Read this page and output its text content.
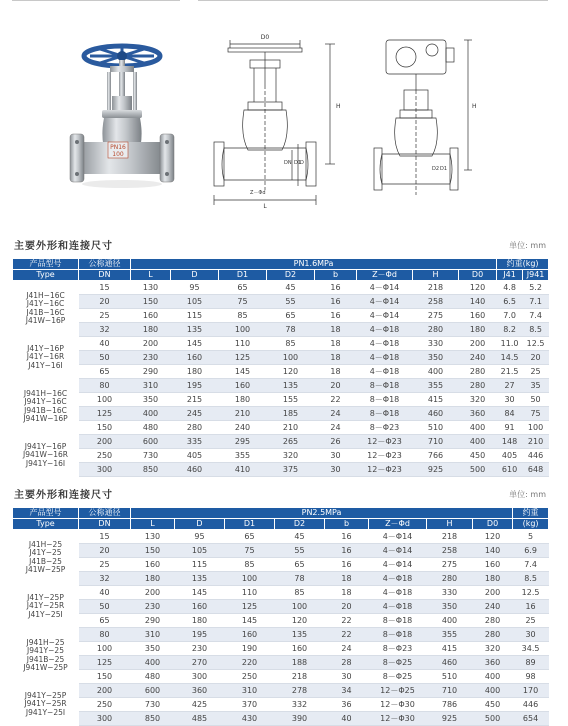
PN16
100
D0
H
L
Z－Φd
DN D1
D
H
D2 D1
主要外形和连接尺寸	单位: mm
产品型号	公称通径	PN1.6MPa								约重(kg)	
Type	DN	L	D	D1	D2	b	Z－Φd	H	D0	J41	J941

J41H−16C
J41Y−16C
J41B−16C
J41W−16P	15	130	95	65	45	16	4－Φ14	218	120	4.8	5.2
	20	150	105	75	55	16	4－Φ14	258	140	6.5	7.1
	25	160	115	85	65	16	4－Φ14	275	160	7.0	7.4
	32	180	135	100	78	18	4－Φ18	280	180	8.2	8.5

J41Y−16P
J41Y−16R
J41Y−16I	40	200	145	110	85	18	4－Φ18	330	200	11.0	12.5
	50	230	160	125	100	18	4－Φ18	350	240	14.5	20
	65	290	180	145	120	18	4－Φ18	400	280	21.5	25

J941H−16C
J941Y−16C
J941B−16C
J941W−16P	80	310	195	160	135	20	8－Φ18	355	280	27	35
	100	350	215	180	155	22	8－Φ18	415	320	30	50
	125	400	245	210	185	24	8－Φ18	460	360	84	75
	150	480	280	240	210	24	8－Φ23	510	400	91	100

J941Y−16P
J941W−16R
J941Y−16I	200	600	335	295	265	26	12－Φ23	710	400	148	210
	250	730	405	355	320	30	12－Φ23	766	450	405	446
	300	850	460	410	375	30	12－Φ23	925	500	610	648
主要外形和连接尺寸	单位: mm
产品型号	公称通径	PN2.5MPa								约重
Type	DN	L	D	D1	D2	b	Z－Φd	H	D0	(kg)

J41H−25
J41Y−25
J41B−25
J41W−25P	15	130	95	65	45	16	4－Φ14	218	120	5
	20	150	105	75	55	16	4－Φ14	258	140	6.9
	25	160	115	85	65	16	4－Φ14	275	160	7.4
	32	180	135	100	78	18	4－Φ18	280	180	8.5

J41Y−25P
J41Y−25R
J41Y−25I	40	200	145	110	85	18	4－Φ18	330	200	12.5
	50	230	160	125	100	20	4－Φ18	350	240	16
	65	290	180	145	120	22	8－Φ18	400	280	25

J941H−25
J941Y−25
J941B−25
J941W−25P	80	310	195	160	135	22	8－Φ18	355	280	30
	100	350	230	190	160	24	8－Φ23	415	320	34.5
	125	400	270	220	188	28	8－Φ25	460	360	89
	150	480	300	250	218	30	8－Φ25	510	400	98

J941Y−25P
J941Y−25R
J941Y−25I	200	600	360	310	278	34	12－Φ25	710	400	170
	250	730	425	370	332	36	12－Φ30	786	450	446
	300	850	485	430	390	40	12－Φ30	925	500	654
